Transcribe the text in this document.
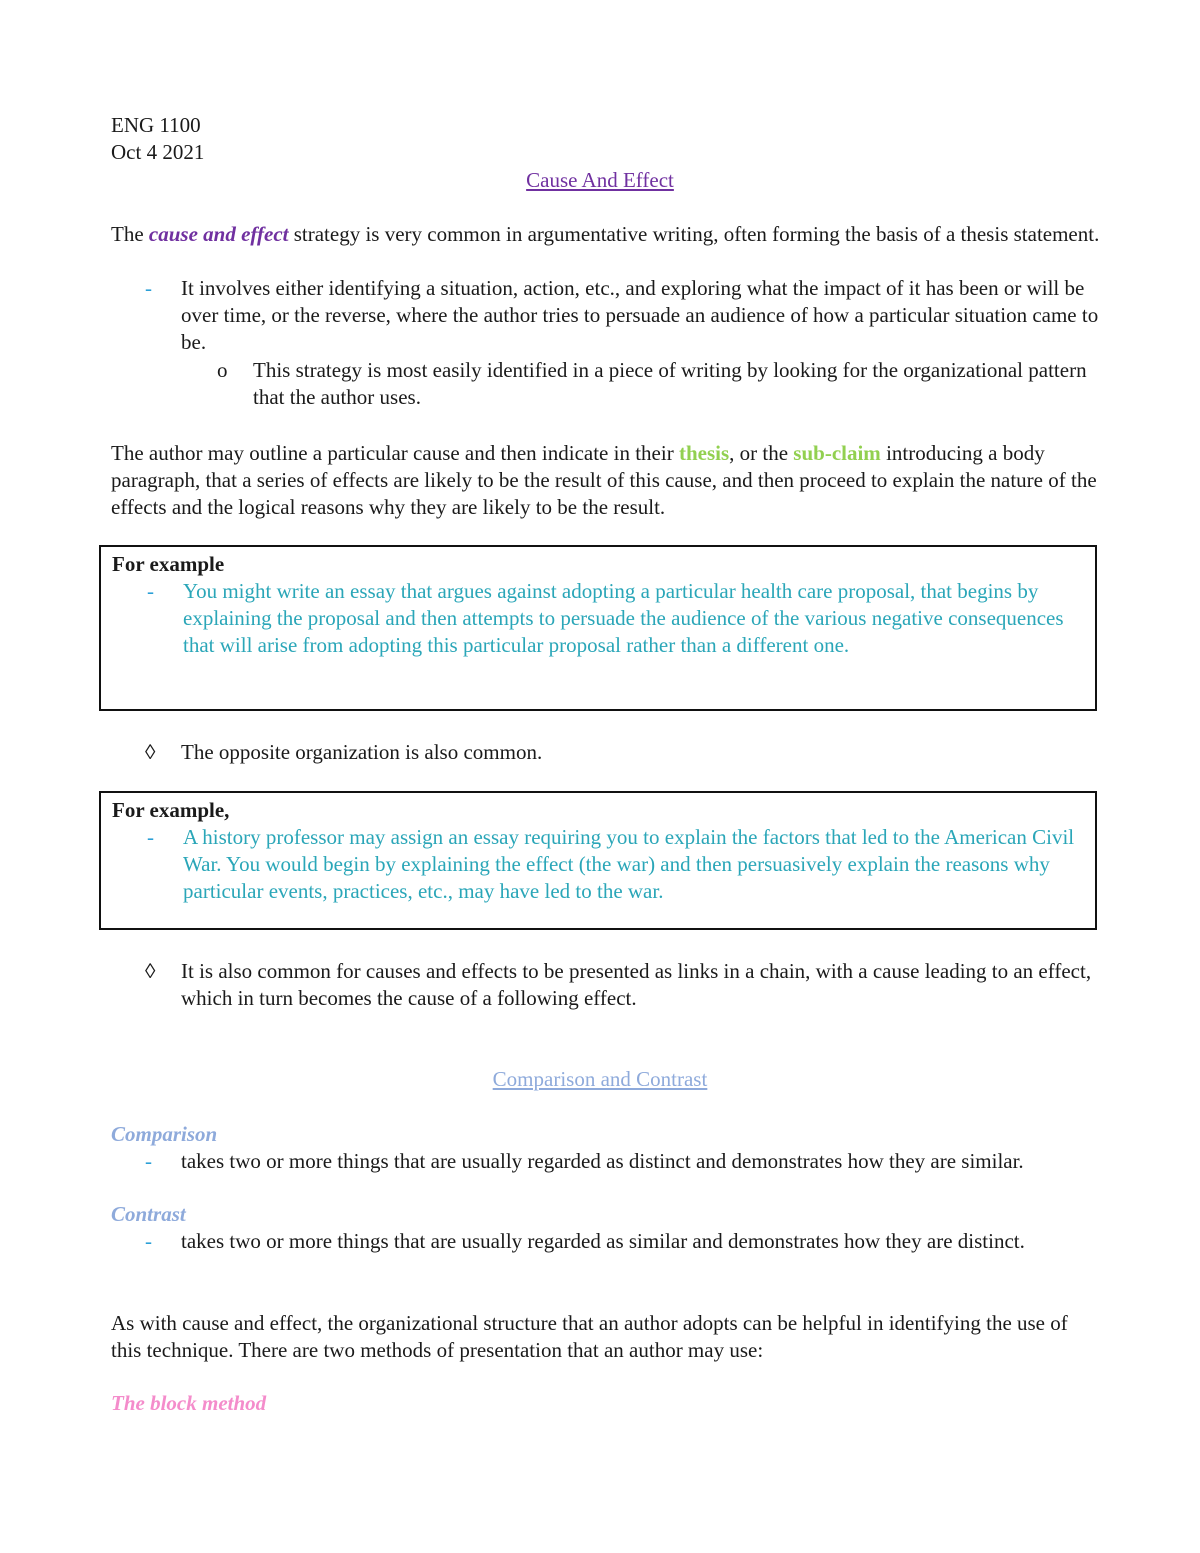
ENG 1100
Oct 4 2021
Cause And Effect

The cause and effect strategy is very common in argumentative writing, often forming the basis of a thesis statement.

- It involves either identifying a situation, action, etc., and exploring what the impact of it has been or will be over time, or the reverse, where the author tries to persuade an audience of how a particular situation came to be.

o This strategy is most easily identified in a piece of writing by looking for the organizational pattern that the author uses.

The author may outline a particular cause and then indicate in their thesis, or the sub-claim introducing a body paragraph, that a series of effects are likely to be the result of this cause, and then proceed to explain the nature of the effects and the logical reasons why they are likely to be the result.

For example
- You might write an essay that argues against adopting a particular health care proposal, that begins by explaining the proposal and then attempts to persuade the audience of the various negative consequences that will arise from adopting this particular proposal rather than a different one.

◊ The opposite organization is also common.

For example,
- A history professor may assign an essay requiring you to explain the factors that led to the American Civil War. You would begin by explaining the effect (the war) and then persuasively explain the reasons why particular events, practices, etc., may have led to the war.

◊ It is also common for causes and effects to be presented as links in a chain, with a cause leading to an effect, which in turn becomes the cause of a following effect.

Comparison and Contrast
Comparison
- takes two or more things that are usually regarded as distinct and demonstrates how they are similar.

Contrast
- takes two or more things that are usually regarded as similar and demonstrates how they are distinct.

As with cause and effect, the organizational structure that an author adopts can be helpful in identifying the use of this technique. There are two methods of presentation that an author may use:

The block method
